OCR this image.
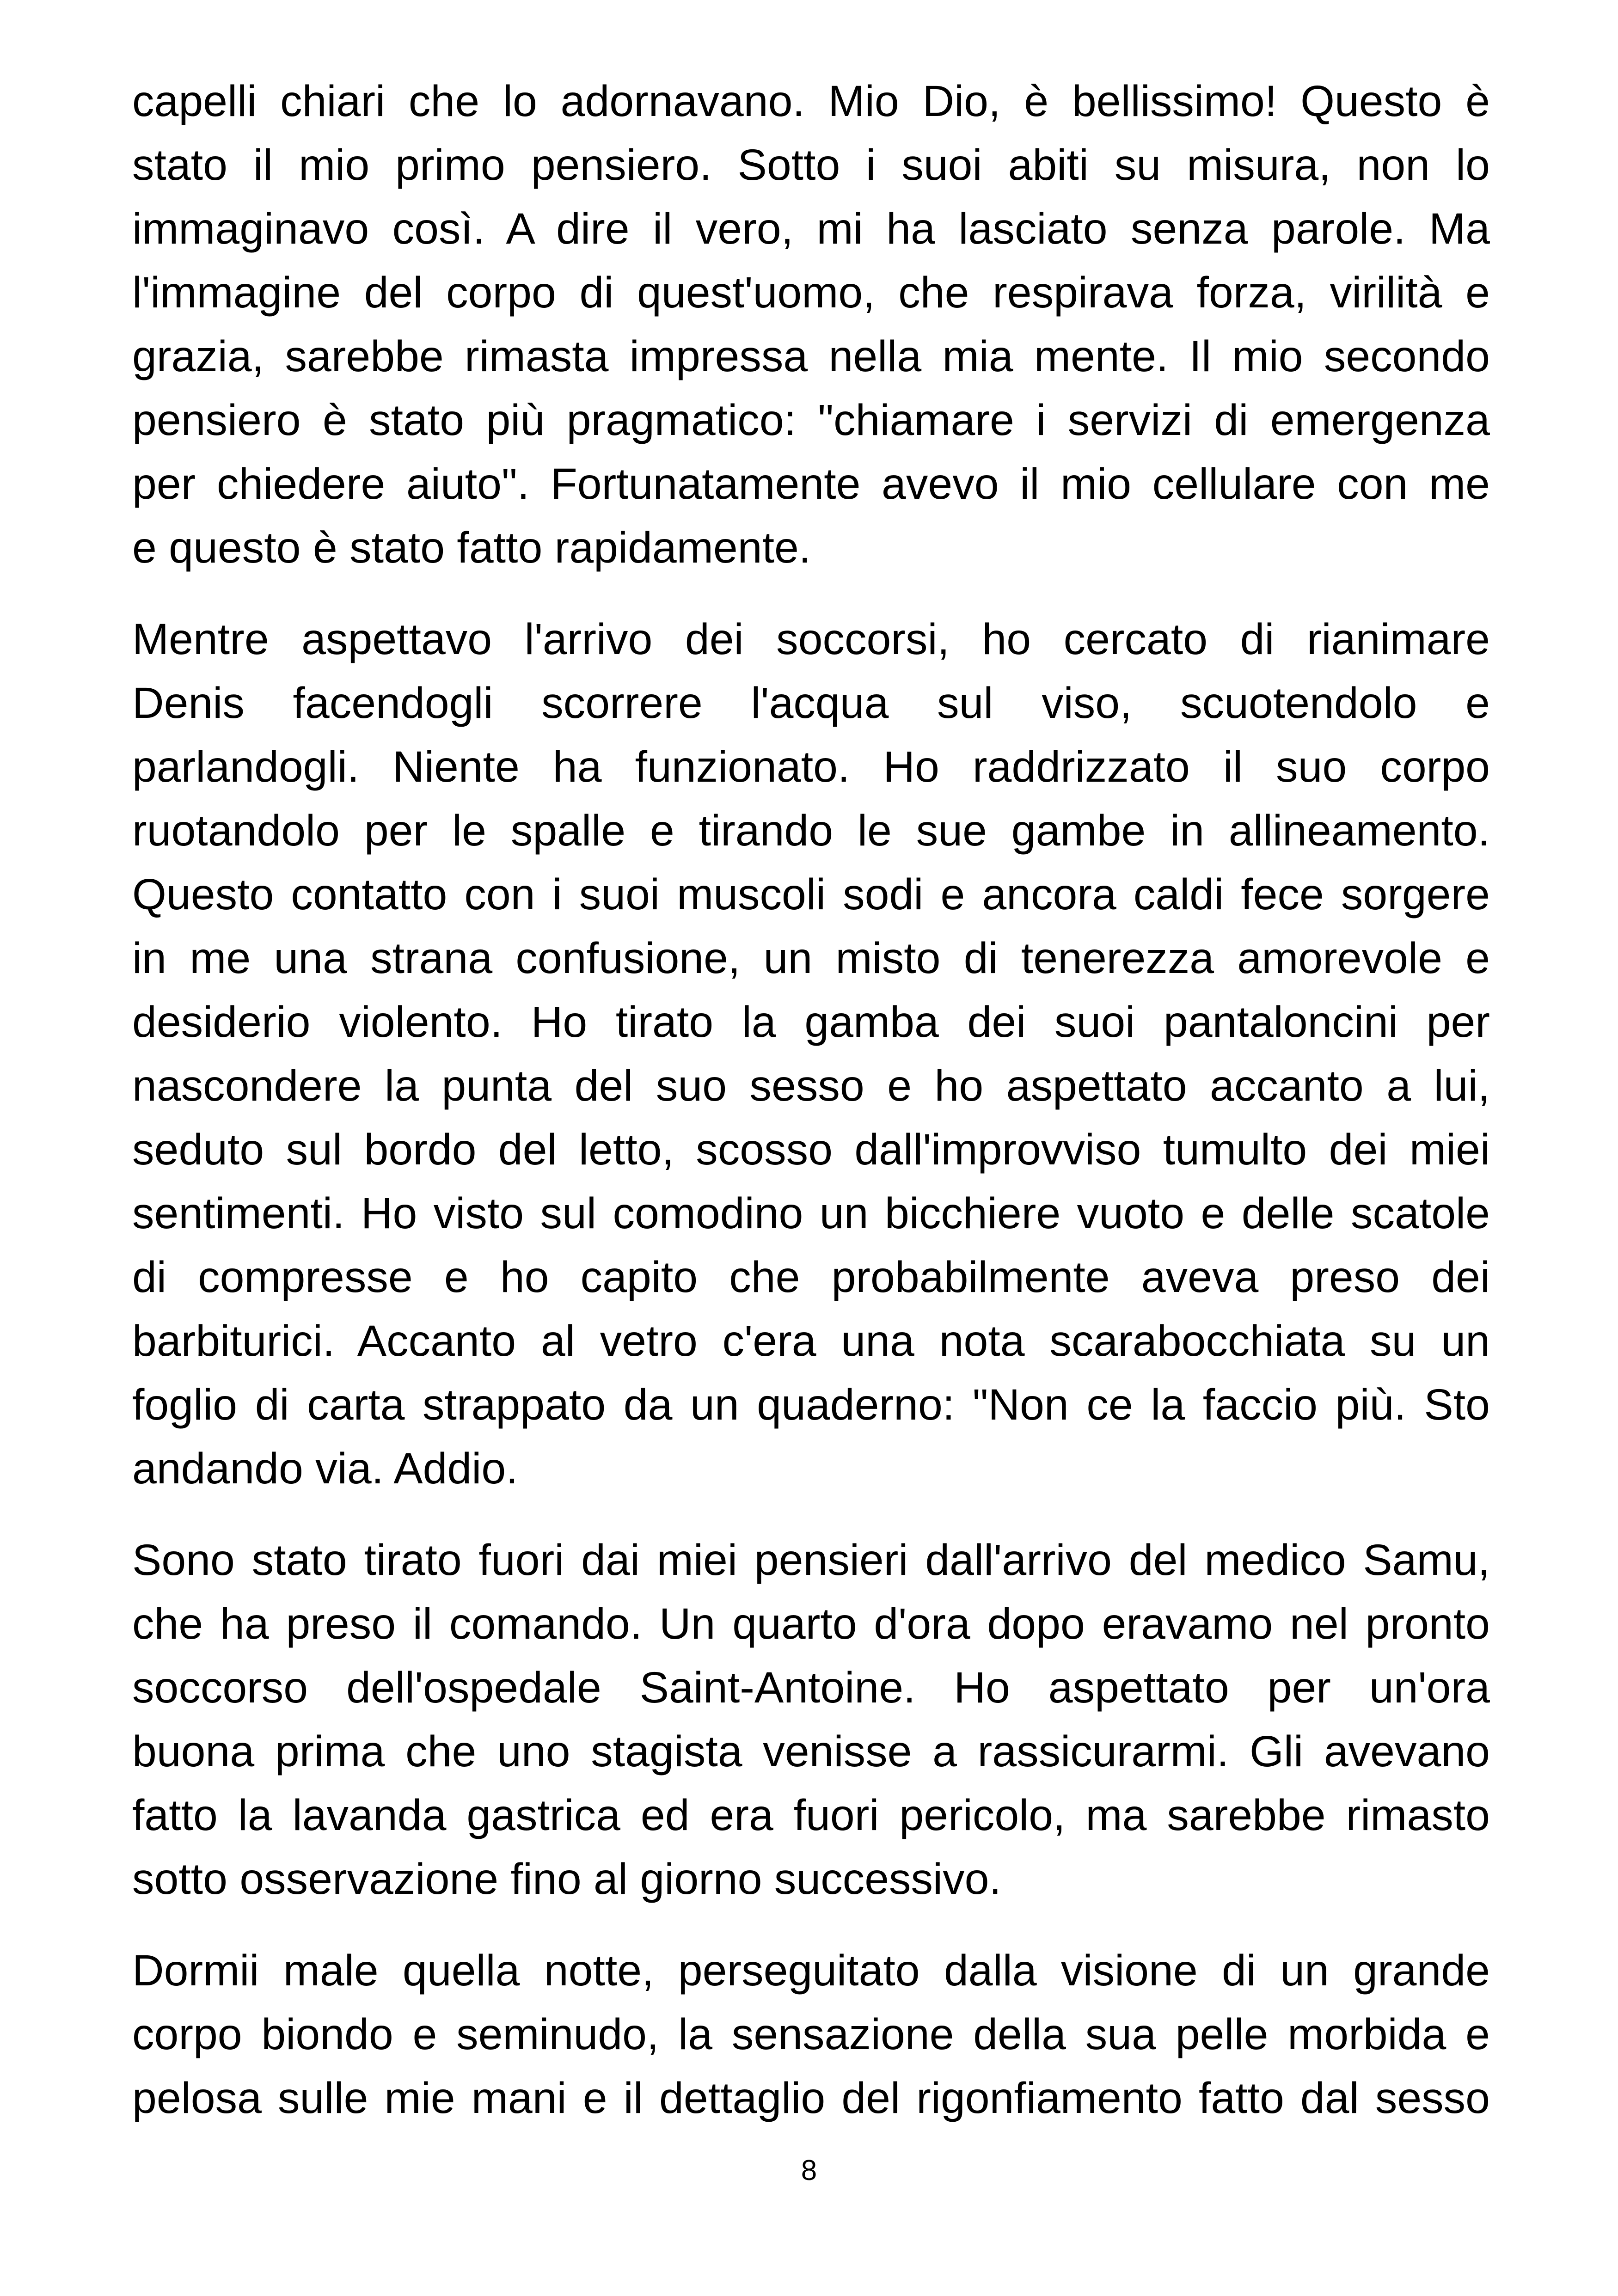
capelli chiari che lo adornavano. Mio Dio, è bellissimo! Questo è
stato il mio primo pensiero. Sotto i suoi abiti su misura, non lo
immaginavo così. A dire il vero, mi ha lasciato senza parole. Ma
l'immagine del corpo di quest'uomo, che respirava forza, virilità e
grazia, sarebbe rimasta impressa nella mia mente. Il mio secondo
pensiero è stato più pragmatico: "chiamare i servizi di emergenza
per chiedere aiuto". Fortunatamente avevo il mio cellulare con me
e questo è stato fatto rapidamente.
Mentre aspettavo l'arrivo dei soccorsi, ho cercato di rianimare
Denis facendogli scorrere l'acqua sul viso, scuotendolo e
parlandogli. Niente ha funzionato. Ho raddrizzato il suo corpo
ruotandolo per le spalle e tirando le sue gambe in allineamento.
Questo contatto con i suoi muscoli sodi e ancora caldi fece sorgere
in me una strana confusione, un misto di tenerezza amorevole e
desiderio violento. Ho tirato la gamba dei suoi pantaloncini per
nascondere la punta del suo sesso e ho aspettato accanto a lui,
seduto sul bordo del letto, scosso dall'improvviso tumulto dei miei
sentimenti. Ho visto sul comodino un bicchiere vuoto e delle scatole
di compresse e ho capito che probabilmente aveva preso dei
barbiturici. Accanto al vetro c'era una nota scarabocchiata su un
foglio di carta strappato da un quaderno: "Non ce la faccio più. Sto
andando via. Addio.
Sono stato tirato fuori dai miei pensieri dall'arrivo del medico Samu,
che ha preso il comando. Un quarto d'ora dopo eravamo nel pronto
soccorso dell'ospedale Saint-Antoine. Ho aspettato per un'ora
buona prima che uno stagista venisse a rassicurarmi. Gli avevano
fatto la lavanda gastrica ed era fuori pericolo, ma sarebbe rimasto
sotto osservazione fino al giorno successivo.
Dormii male quella notte, perseguitato dalla visione di un grande
corpo biondo e seminudo, la sensazione della sua pelle morbida e
pelosa sulle mie mani e il dettaglio del rigonfiamento fatto dal sesso
8
